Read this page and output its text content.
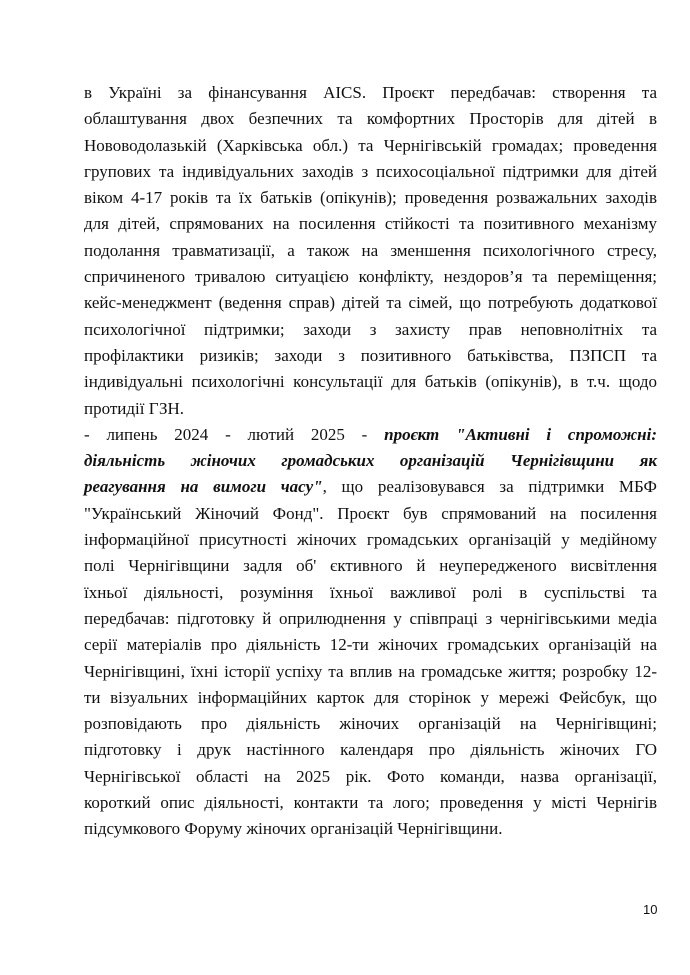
в Україні за фінансування AICS. Проєкт передбачав: створення та
облаштування двох безпечних та комфортних Просторів для дітей в
Нововодолазькій (Харківська обл.) та Чернігівській громадах; проведення
групових та індивідуальних заходів з психосоціальної підтримки для дітей
віком 4-17 років та їх батьків (опікунів); проведення розважальних заходів
для дітей, спрямованих на посилення стійкості та позитивного механізму
подолання травматизації, а також на зменшення психологічного стресу,
спричиненого тривалою ситуацією конфлікту, нездоров’я та переміщення;
кейс-менеджмент (ведення справ) дітей та сімей, що потребують додаткової
психологічної підтримки; заходи з захисту прав неповнолітніх та
профілактики ризиків; заходи з позитивного батьківства, ПЗПСП та
індивідуальні психологічні консультації для батьків (опікунів), в т.ч. щодо
протидії ГЗН.
- липень 2024 - лютий 2025 - проєкт "Активні і спроможні:
діяльність жіночих громадських організацій Чернігівщини як
реагування на вимоги часу", що реалізовувався за підтримки МБФ
"Український Жіночий Фонд". Проєкт був спрямований на посилення
інформаційної присутності жіночих громадських організацій у медійному
полі Чернігівщини задля об' єктивного й неупередженого висвітлення
їхньої діяльності, розуміння їхньої важливої ролі в суспільстві та
передбачав: підготовку й оприлюднення у співпраці з чернігівськими медіа
серії матеріалів про діяльність 12-ти жіночих громадських організацій на
Чернігівщині, їхні історії успіху та вплив на громадське життя; розробку 12-
ти візуальних інформаційних карток для сторінок у мережі Фейсбук, що
розповідають про діяльність жіночих організацій на Чернігівщині;
підготовку і друк настінного календаря про діяльність жіночих ГО
Чернігівської області на 2025 рік. Фото команди, назва організації,
короткий опис діяльності, контакти та лого; проведення у місті Чернігів
підсумкового Форуму жіночих організацій Чернігівщини.
10
